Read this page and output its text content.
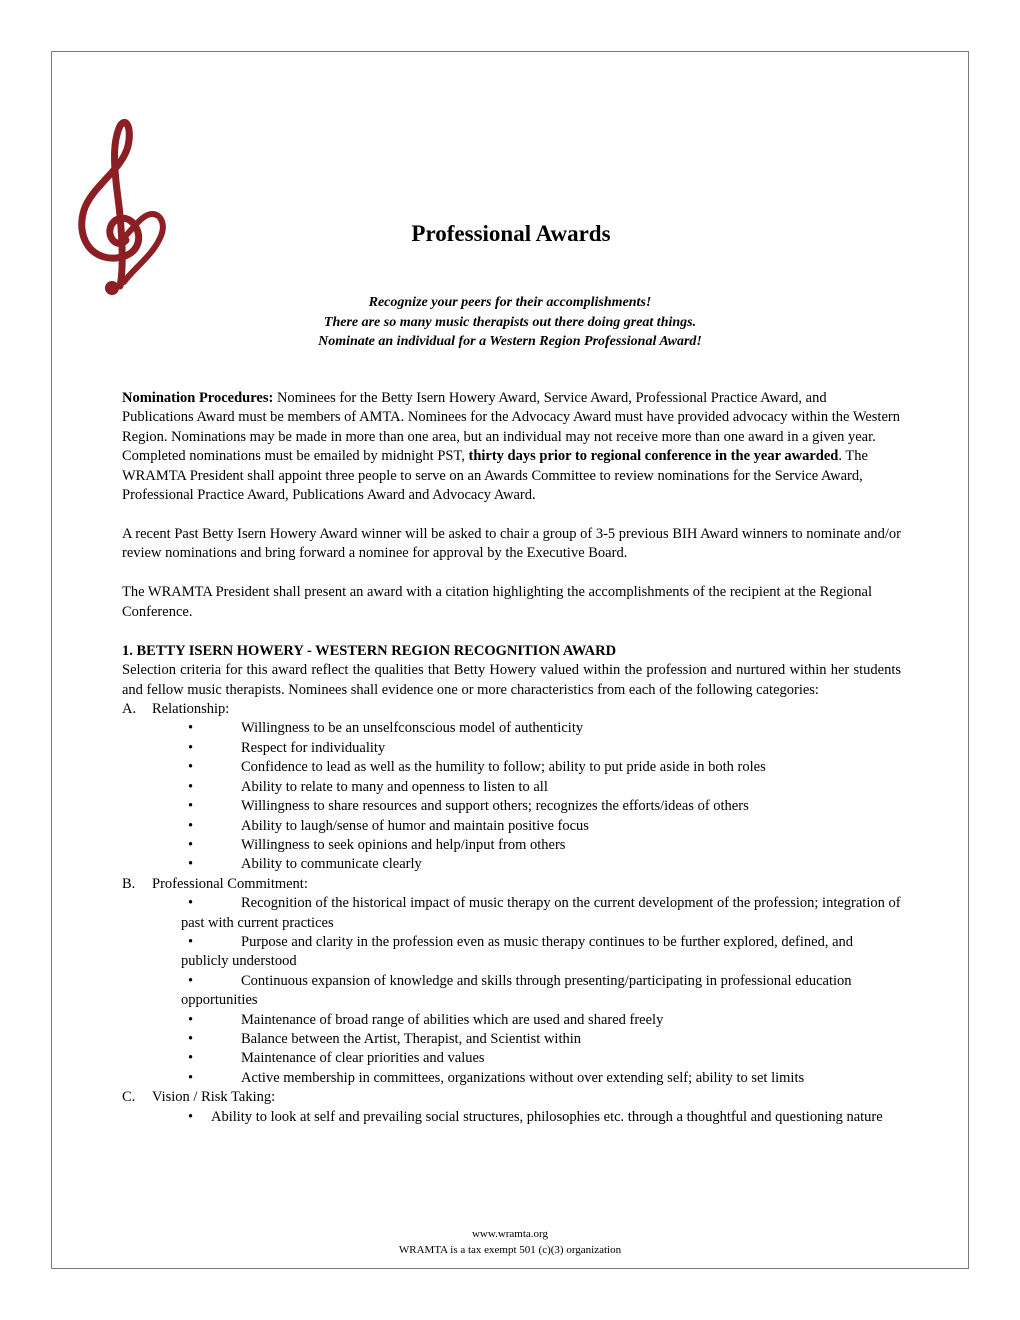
Professional Awards
Recognize your peers for their accomplishments!
There are so many music therapists out there doing great things.
Nominate an individual for a Western Region Professional Award!

Nomination Procedures: Nominees for the Betty Isern Howery Award, Service Award, Professional Practice Award, and Publications Award must be members of AMTA. Nominees for the Advocacy Award must have provided advocacy within the Western Region. Nominations may be made in more than one area, but an individual may not receive more than one award in a given year. Completed nominations must be emailed by midnight PST, thirty days prior to regional conference in the year awarded. The WRAMTA President shall appoint three people to serve on an Awards Committee to review nominations for the Service Award, Professional Practice Award, Publications Award and Advocacy Award.

A recent Past Betty Isern Howery Award winner will be asked to chair a group of 3-5 previous BIH Award winners to nominate and/or review nominations and bring forward a nominee for approval by the Executive Board.

The WRAMTA President shall present an award with a citation highlighting the accomplishments of the recipient at the Regional Conference.

1. BETTY ISERN HOWERY - WESTERN REGION RECOGNITION AWARD
Selection criteria for this award reflect the qualities that Betty Howery valued within the profession and nurtured within her students and fellow music therapists. Nominees shall evidence one or more characteristics from each of the following categories:
A. Relationship:
• Willingness to be an unselfconscious model of authenticity
• Respect for individuality
• Confidence to lead as well as the humility to follow; ability to put pride aside in both roles
• Ability to relate to many and openness to listen to all
• Willingness to share resources and support others; recognizes the efforts/ideas of others
• Ability to laugh/sense of humor and maintain positive focus
• Willingness to seek opinions and help/input from others
• Ability to communicate clearly
B. Professional Commitment:
•	Recognition of the historical impact of music therapy on the current development of the profession; integration of past with current practices
•	Purpose and clarity in the profession even as music therapy continues to be further explored, defined, and publicly understood
•	Continuous expansion of knowledge and skills through presenting/participating in professional education opportunities
•	Maintenance of broad range of abilities which are used and shared freely
•	Balance between the Artist, Therapist, and Scientist within
•	Maintenance of clear priorities and values
•	Active membership in committees, organizations without over extending self; ability to set limits
C. Vision / Risk Taking:
• Ability to look at self and prevailing social structures, philosophies etc. through a thoughtful and questioning nature
www.wramta.org
WRAMTA is a tax exempt 501 (c)(3) organization
